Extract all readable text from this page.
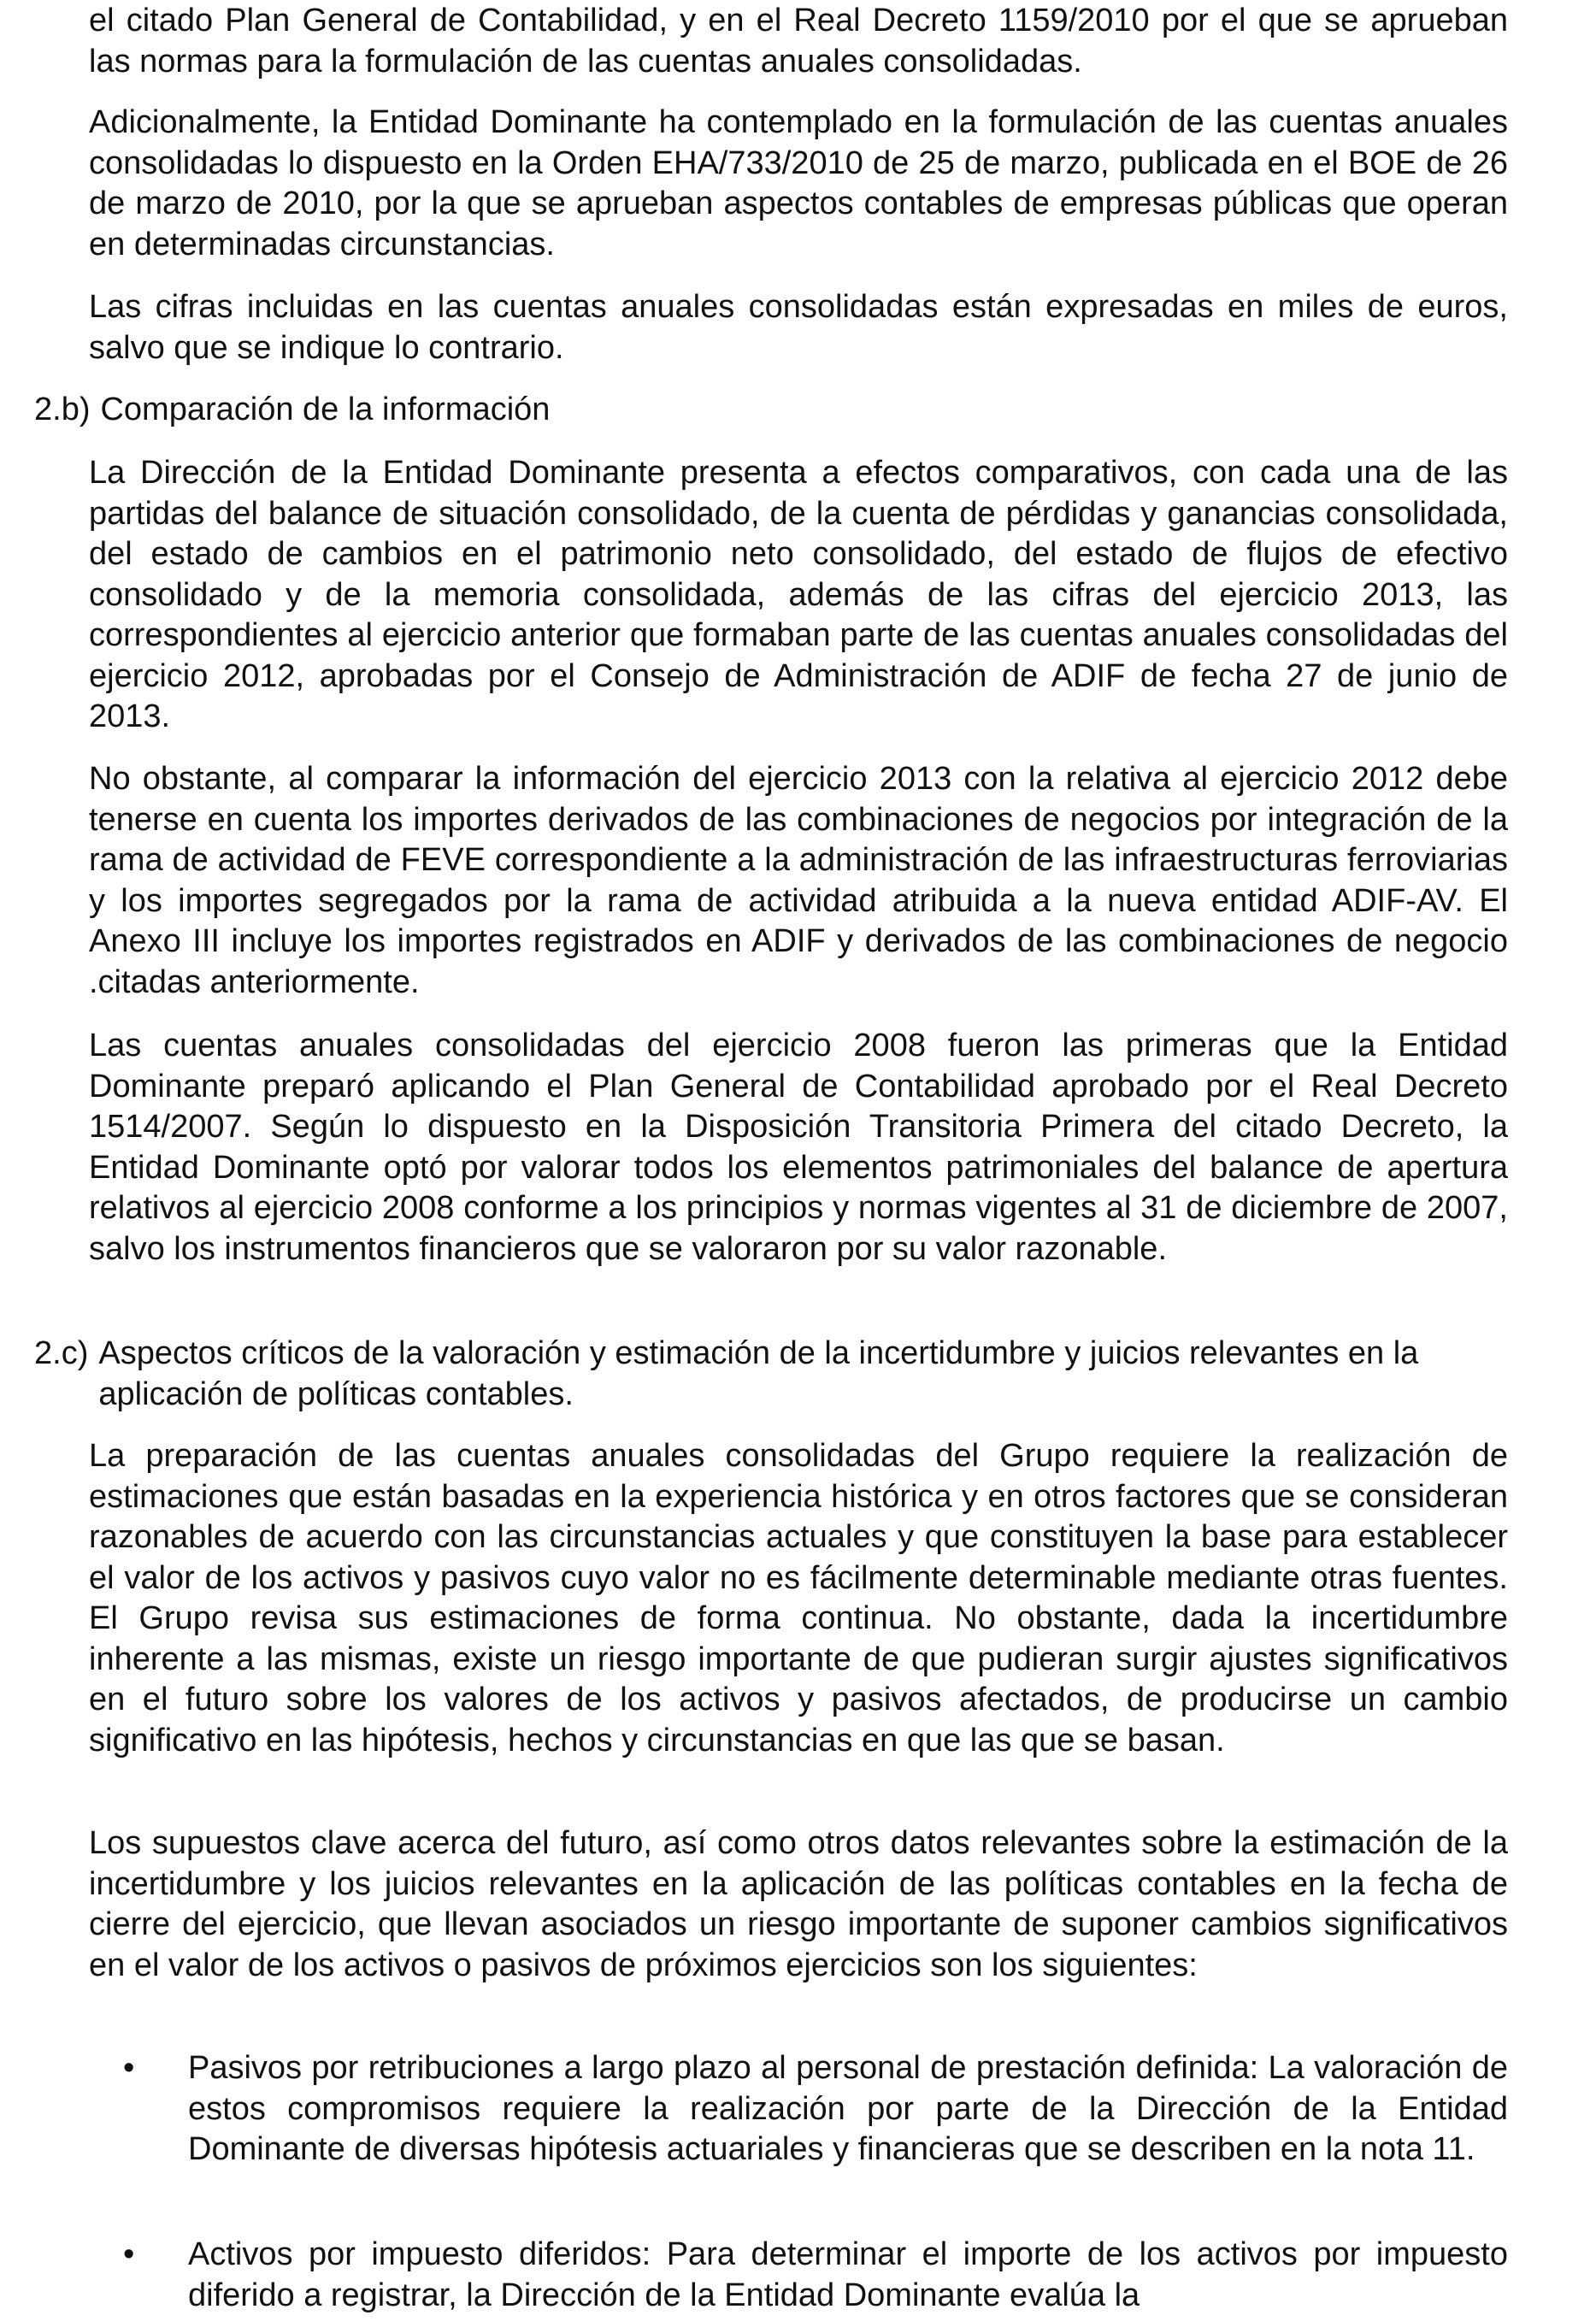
el citado Plan General de Contabilidad, y en el Real Decreto 1159/2010 por el que se aprueban las normas para la formulación de las cuentas anuales consolidadas.

Adicionalmente, la Entidad Dominante ha contemplado en la formulación de las cuentas anuales consolidadas lo dispuesto en la Orden EHA/733/2010 de 25 de marzo, publicada en el BOE de 26 de marzo de 2010, por la que se aprueban aspectos contables de empresas públicas que operan en determinadas circunstancias.

Las cifras incluidas en las cuentas anuales consolidadas están expresadas en miles de euros, salvo que se indique lo contrario.

2.b) Comparación de la información

La Dirección de la Entidad Dominante presenta a efectos comparativos, con cada una de las partidas del balance de situación consolidado, de la cuenta de pérdidas y ganancias consolidada, del estado de cambios en el patrimonio neto consolidado, del estado de flujos de efectivo consolidado y de la memoria consolidada, además de las cifras del ejercicio 2013, las correspondientes al ejercicio anterior que formaban parte de las cuentas anuales consolidadas del ejercicio 2012, aprobadas por el Consejo de Administración de ADIF de fecha 27 de junio de 2013.

No obstante, al comparar la información del ejercicio 2013 con la relativa al ejercicio 2012 debe tenerse en cuenta los importes derivados de las combinaciones de negocios por integración de la rama de actividad de FEVE correspondiente a la administración de las infraestructuras ferroviarias y los importes segregados por la rama de actividad atribuida a la nueva entidad ADIF-AV. El Anexo III incluye los importes registrados en ADIF y derivados de las combinaciones de negocio .citadas anteriormente.

Las cuentas anuales consolidadas del ejercicio 2008 fueron las primeras que la Entidad Dominante preparó aplicando el Plan General de Contabilidad aprobado por el Real Decreto 1514/2007. Según lo dispuesto en la Disposición Transitoria Primera del citado Decreto, la Entidad Dominante optó por valorar todos los elementos patrimoniales del balance de apertura relativos al ejercicio 2008 conforme a los principios y normas vigentes al 31 de diciembre de 2007, salvo los instrumentos financieros que se valoraron por su valor razonable.

2.c) Aspectos críticos de la valoración y estimación de la incertidumbre y juicios relevantes en la aplicación de políticas contables.

La preparación de las cuentas anuales consolidadas del Grupo requiere la realización de estimaciones que están basadas en la experiencia histórica y en otros factores que se consideran razonables de acuerdo con las circunstancias actuales y que constituyen la base para establecer el valor de los activos y pasivos cuyo valor no es fácilmente determinable mediante otras fuentes. El Grupo revisa sus estimaciones de forma continua. No obstante, dada la incertidumbre inherente a las mismas, existe un riesgo importante de que pudieran surgir ajustes significativos en el futuro sobre los valores de los activos y pasivos afectados, de producirse un cambio significativo en las hipótesis, hechos y circunstancias en que las que se basan.

Los supuestos clave acerca del futuro, así como otros datos relevantes sobre la estimación de la incertidumbre y los juicios relevantes en la aplicación de las políticas contables en la fecha de cierre del ejercicio, que llevan asociados un riesgo importante de suponer cambios significativos en el valor de los activos o pasivos de próximos ejercicios son los siguientes:

• Pasivos por retribuciones a largo plazo al personal de prestación definida: La valoración de estos compromisos requiere la realización por parte de la Dirección de la Entidad Dominante de diversas hipótesis actuariales y financieras que se describen en la nota 11.

• Activos por impuesto diferidos: Para determinar el importe de los activos por impuesto diferido a registrar, la Dirección de la Entidad Dominante evalúa la
